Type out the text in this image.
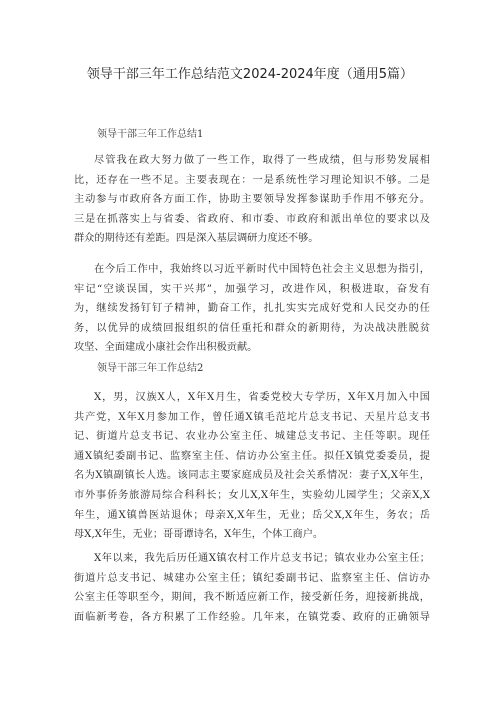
领导干部三年工作总结范文2024-2024年度（通用5篇）
领导干部三年工作总结1
尽管我在政大努力做了一些工作，取得了一些成绩，但与形势发展相
比，还存在一些不足。主要表现在：一是系统性学习理论知识不够。二是
主动参与市政府各方面工作，协助主要领导发挥参谋助手作用不够充分。
三是在抓落实上与省委、省政府、和市委、市政府和派出单位的要求以及
群众的期待还有差距。四是深入基层调研力度还不够。
在今后工作中，我始终以习近平新时代中国特色社会主义思想为指引，
牢记“空谈误国，实干兴邦”，加强学习，改进作风，积极进取，奋发有
为，继续发扬钉钉子精神，勤奋工作，扎扎实实完成好党和人民交办的任
务，以优异的成绩回报组织的信任重托和群众的新期待，为决战决胜脱贫
攻坚、全面建成小康社会作出积极贡献。
领导干部三年工作总结2
X，男，汉族X人，X年X月生，省委党校大专学历，X年X月加入中国
共产党，X年X月参加工作，曾任通X镇毛范坨片总支书记、天星片总支书
记、街道片总支书记、农业办公室主任、城建总支书记、主任等职。现任
通X镇纪委副书记、监察室主任、信访办公室主任。拟任X镇党委委员，提
名为X镇副镇长人选。该同志主要家庭成员及社会关系情况：妻子X,X年生，
市外事侨务旅游局综合科科长；女儿X,X年生，实验幼儿园学生；父亲X,X
年生，通X镇兽医站退休；母亲X,X年生，无业；岳父X,X年生，务农；岳
母X,X年生，无业；哥哥谭诗名，X年生，个体工商户。
X年以来，我先后历任通X镇农村工作片总支书记；镇农业办公室主任；
街道片总支书记、城建办公室主任；镇纪委副书记、监察室主任、信访办
公室主任等职至今，期间，我不断适应新工作，接受新任务，迎接新挑战，
面临新考卷，各方积累了工作经验。几年来，在镇党委、政府的正确领导
